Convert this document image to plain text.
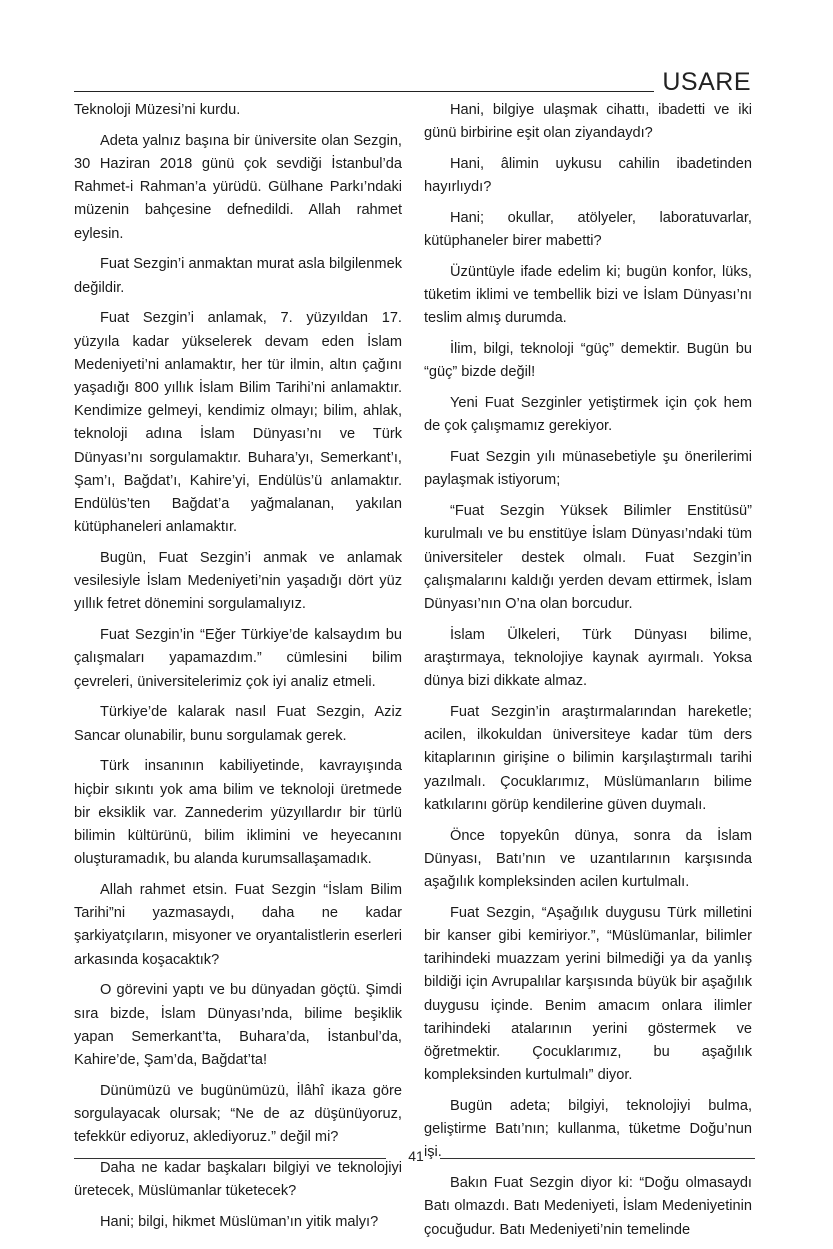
USARE

Teknoloji Müzesi’ni kurdu.

Adeta yalnız başına bir üniversite olan Sezgin, 30 Haziran 2018 günü çok sevdiği İstanbul’da Rahmet-i Rahman’a yürüdü. Gülhane Parkı’ndaki müzenin bahçesine defnedildi. Allah rahmet eylesin.

Fuat Sezgin’i anmaktan murat asla bilgilenmek değildir.

Fuat Sezgin’i anlamak, 7. yüzyıldan 17. yüzyıla kadar yükselerek devam eden İslam Medeniyeti’ni anlamaktır, her tür ilmin, altın çağını yaşadığı 800 yıllık İslam Bilim Tarihi’ni anlamaktır. Kendimize gelmeyi, kendimiz olmayı; bilim, ahlak, teknoloji adına İslam Dünyası’nı ve Türk Dünyası’nı sorgulamaktır. Buhara’yı, Semerkant’ı, Şam’ı, Bağdat’ı, Kahire’yi, Endülüs’ü anlamaktır. Endülüs’ten Bağdat’a yağmalanan, yakılan kütüphaneleri anlamaktır.

Bugün, Fuat Sezgin’i anmak ve anlamak vesilesiyle İslam Medeniyeti’nin yaşadığı dört yüz yıllık fetret dönemini sorgulamalıyız.

Fuat Sezgin’in “Eğer Türkiye’de kalsaydım bu çalışmaları yapamazdım.” cümlesini bilim çevreleri, üniversitelerimiz çok iyi analiz etmeli.

Türkiye’de kalarak nasıl Fuat Sezgin, Aziz Sancar olunabilir, bunu sorgulamak gerek.

Türk insanının kabiliyetinde, kavrayışında hiçbir sıkıntı yok ama bilim ve teknoloji üretmede bir eksiklik var. Zannederim yüzyıllardır bir türlü bilimin kültürünü, bilim iklimini ve heyecanını oluşturamadık, bu alanda kurumsallaşamadık.

Allah rahmet etsin. Fuat Sezgin “İslam Bilim Tarihi”ni yazmasaydı, daha ne kadar şarkiyatçıların, misyoner ve oryantalistlerin eserleri arkasında koşacaktık?

O görevini yaptı ve bu dünyadan göçtü. Şimdi sıra bizde, İslam Dünyası’nda, bilime beşiklik yapan Semerkant’ta, Buhara’da, İstanbul’da, Kahire’de, Şam’da, Bağdat’ta!

Dünümüzü ve bugünümüzü, İlâhî ikaza göre sorgulayacak olursak; “Ne de az düşünüyoruz, tefekkür ediyoruz, aklediyoruz.” değil mi?

Daha ne kadar başkaları bilgiyi ve teknolojiyi üretecek, Müslümanlar tüketecek?

Hani; bilgi, hikmet Müslüman’ın yitik malyı?

Hani, bilgiye ulaşmak cihattı, ibadetti ve iki günü birbirine eşit olan ziyandaydı?

Hani, âlimin uykusu cahilin ibadetinden hayırlıydı?

Hani; okullar, atölyeler, laboratuvarlar, kütüphaneler birer mabetti?

Üzüntüyle ifade edelim ki; bugün konfor, lüks, tüketim iklimi ve tembellik bizi ve İslam Dünyası’nı teslim almış durumda.

İlim, bilgi, teknoloji “güç” demektir. Bugün bu “güç” bizde değil!

Yeni Fuat Sezginler yetiştirmek için çok hem de çok çalışmamız gerekiyor.

Fuat Sezgin yılı münasebetiyle şu önerilerimi paylaşmak istiyorum;

“Fuat Sezgin Yüksek Bilimler Enstitüsü” kurulmalı ve bu enstitüye İslam Dünyası’ndaki tüm üniversiteler destek olmalı. Fuat Sezgin’in çalışmalarını kaldığı yerden devam ettirmek, İslam Dünyası’nın O’na olan borcudur.

İslam Ülkeleri, Türk Dünyası bilime, araştırmaya, teknolojiye kaynak ayırmalı. Yoksa dünya bizi dikkate almaz.

Fuat Sezgin’in araştırmalarından hareketle; acilen, ilkokuldan üniversiteye kadar tüm ders kitaplarının girişine o bilimin karşılaştırmalı tarihi yazılmalı. Çocuklarımız, Müslümanların bilime katkılarını görüp kendilerine güven duymalı.

Önce topyekûn dünya, sonra da İslam Dünyası, Batı’nın ve uzantılarının karşısında aşağılık kompleksinden acilen kurtulmalı.

Fuat Sezgin, “Aşağılık duygusu Türk milletini bir kanser gibi kemiriyor.”, “Müslümanlar, bilimler tarihindeki muazzam yerini bilmediği ya da yanlış bildiği için Avrupalılar karşısında büyük bir aşağılık duygusu içinde. Benim amacım onlara ilimler tarihindeki atalarının yerini göstermek ve öğretmektir. Çocuklarımız, bu aşağılık kompleksinden kurtulmalı” diyor.

Bugün adeta; bilgiyi, teknolojiyi bulma, geliştirme Batı’nın; kullanma, tüketme Doğu’nun işi.

Bakın Fuat Sezgin diyor ki: “Doğu olmasaydı Batı olmazdı. Batı Medeniyeti, İslam Medeniyetinin çocuğudur. Batı Medeniyeti’nin temelinde

41
